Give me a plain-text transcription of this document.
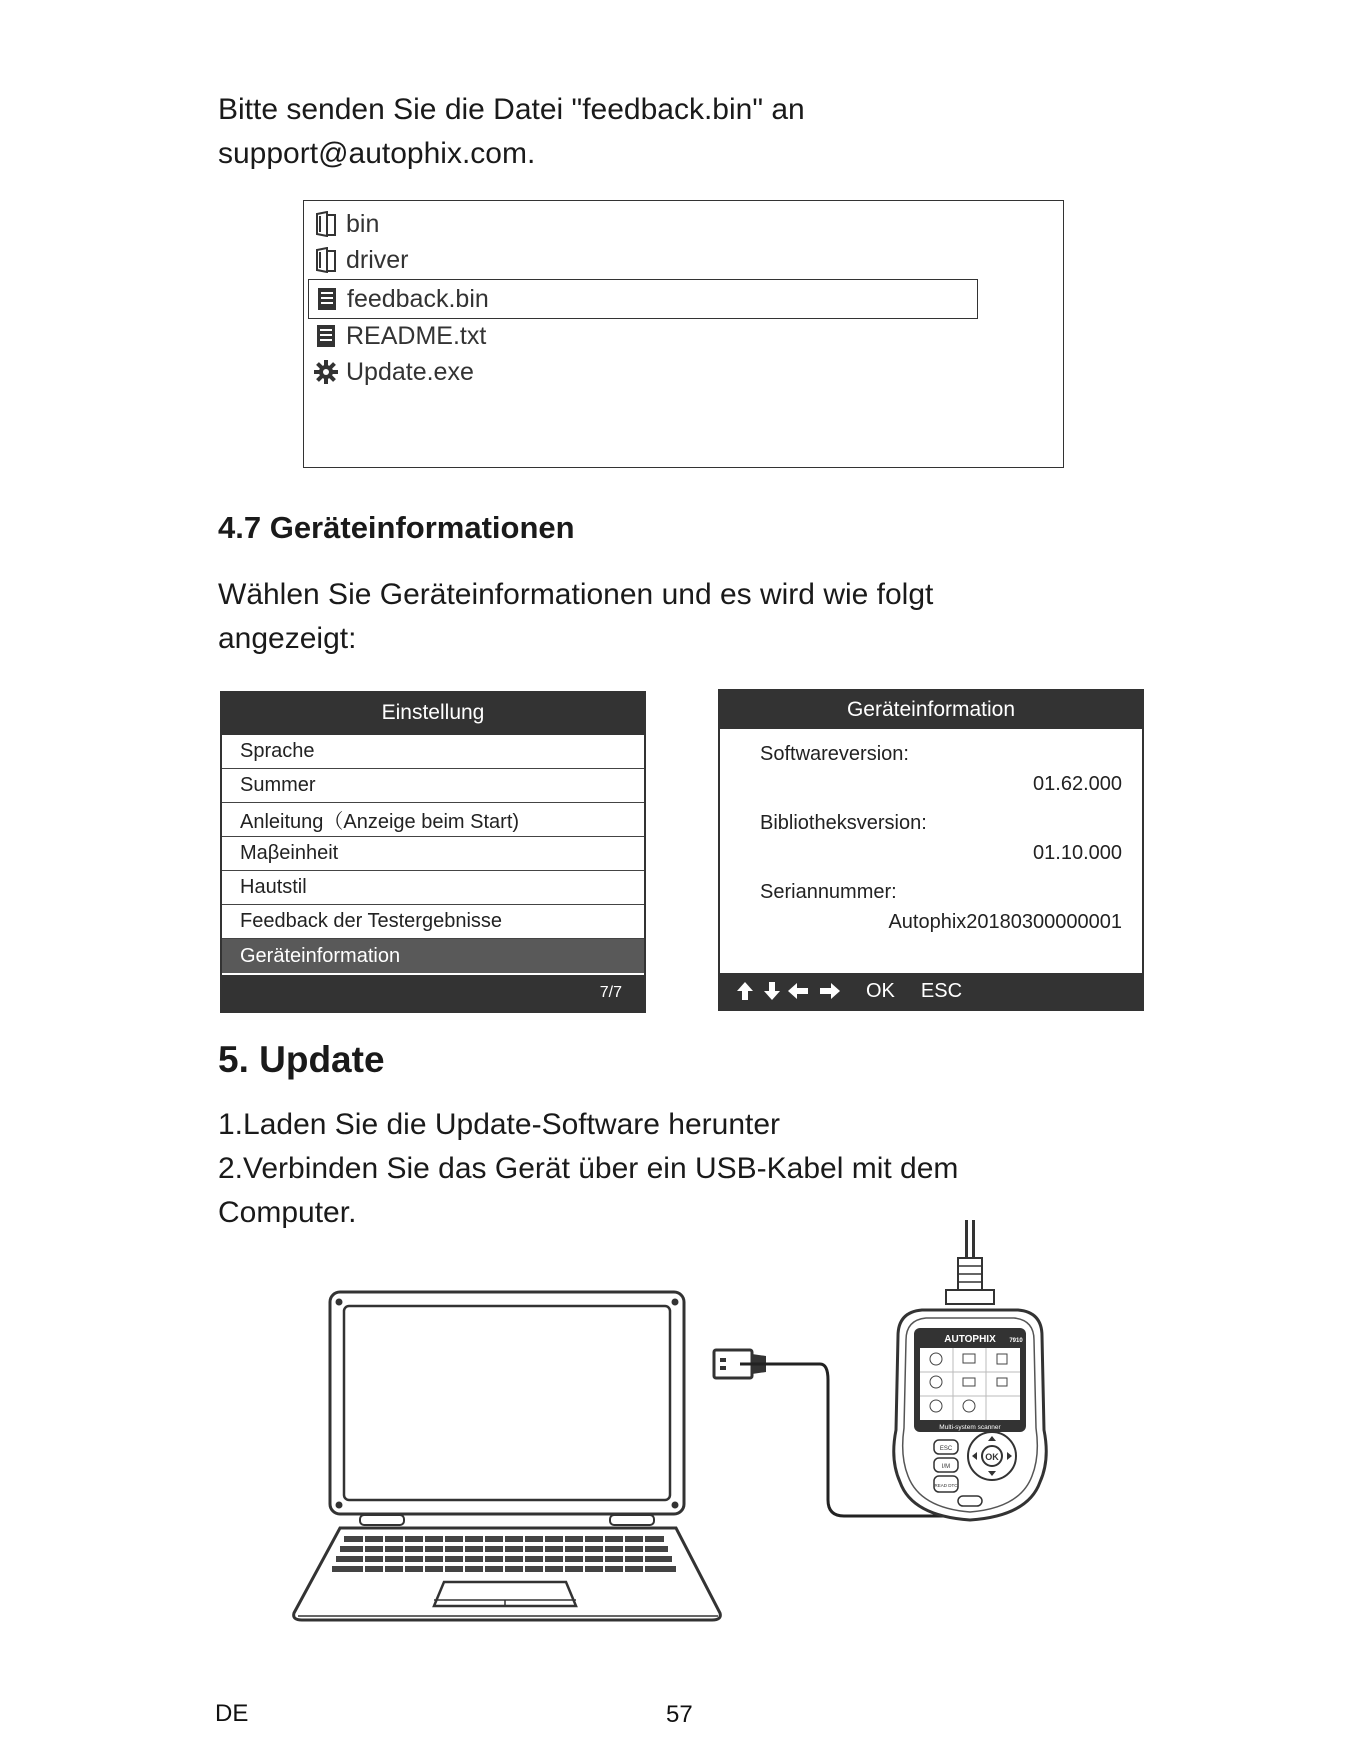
Bitte senden Sie die Datei "feedback.bin" an
support@autophix.com.
bin
driver
feedback.bin
README.txt
Update.exe
4.7 Geräteinformationen
Wählen Sie Geräteinformationen und es wird wie folgt
angezeigt:
Einstellung
Sprache
Summer
Anleitung（Anzeige beim Start)
Maβeinheit
Hautstil
Feedback der Testergebnisse
Geräteinformation
7/7
Geräteinformation
Softwareversion:
01.62.000
Bibliotheksversion:
01.10.000
Seriannummer:
Autophix20180300000001
OK ESC
5. Update
1.Laden Sie die Update-Software herunter
2.Verbinden Sie das Gerät über ein USB-Kabel mit dem
Computer.
AUTOPHIX 7910
Multi-system scanner
OK
ESC
I/M
READ DTC
DE	57
